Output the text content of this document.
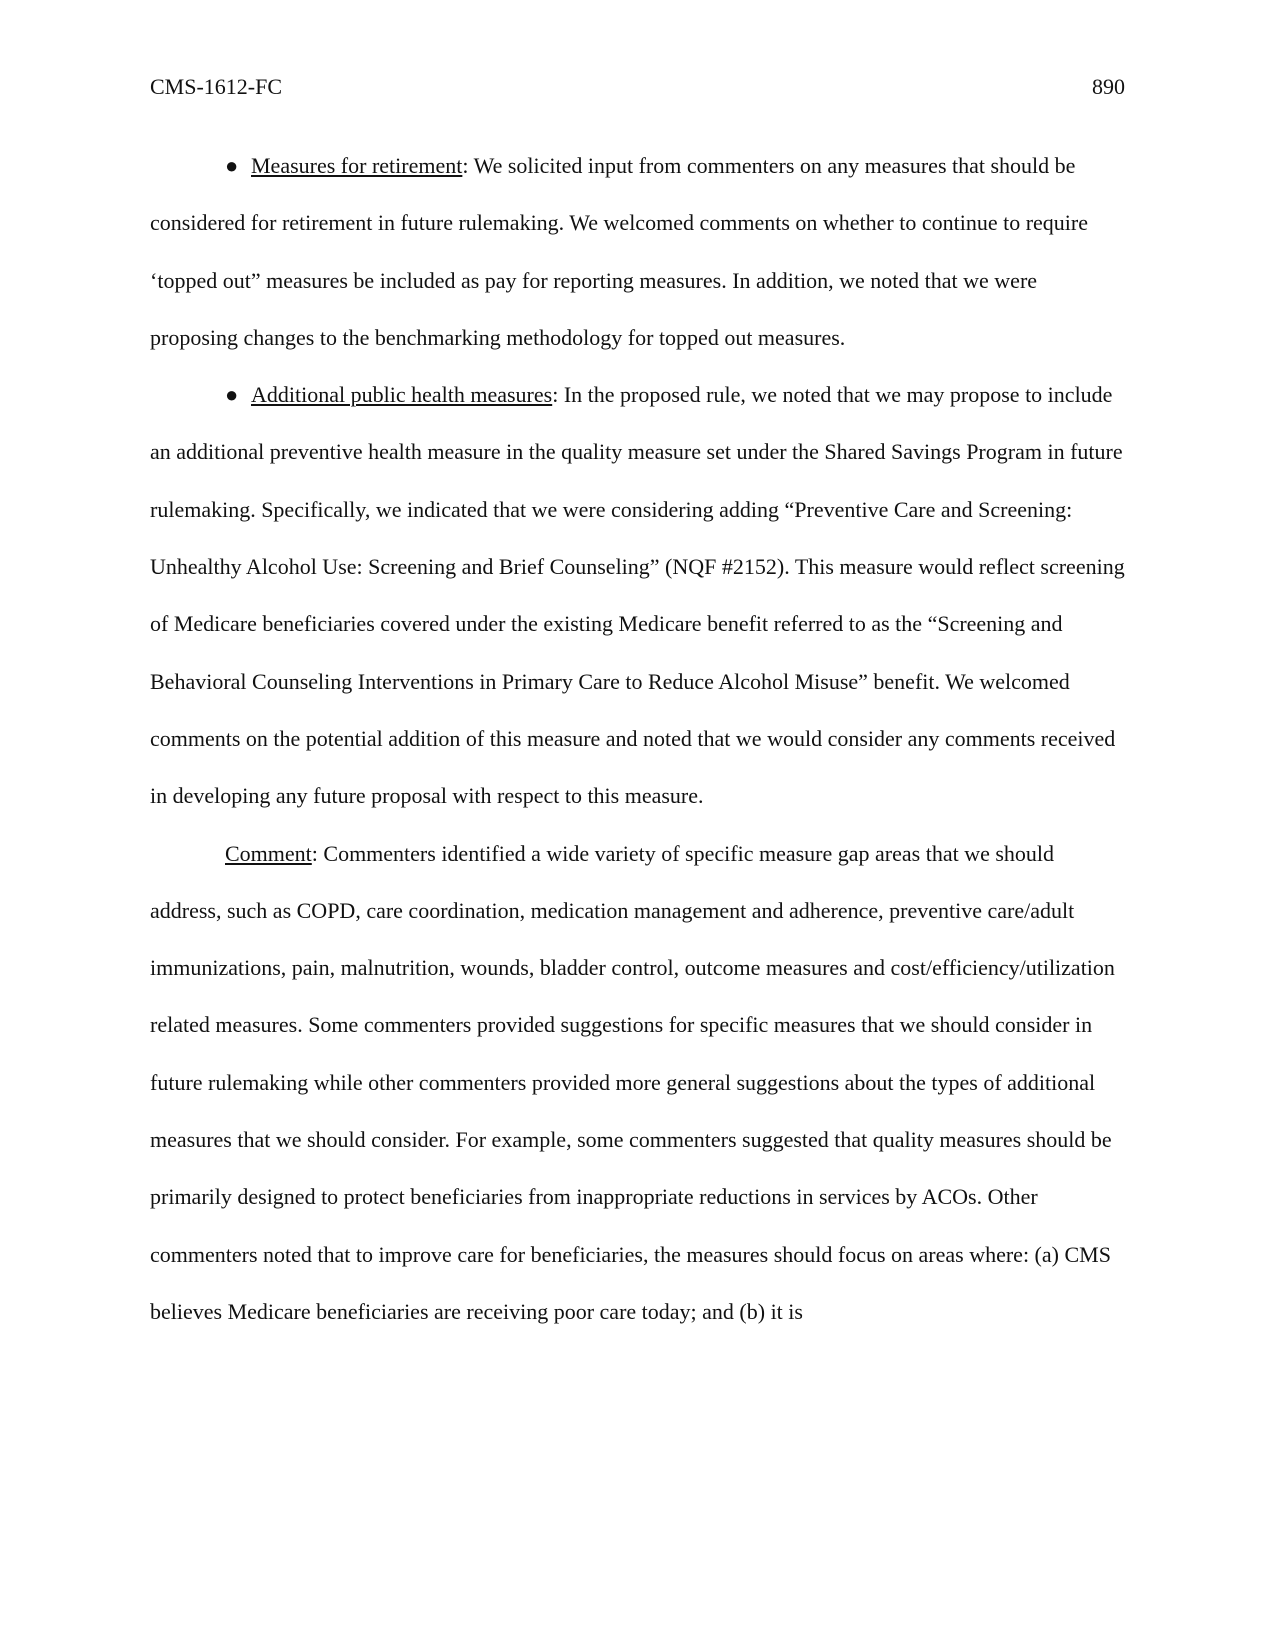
CMS-1612-FC	890

● Measures for retirement: We solicited input from commenters on any measures that should be considered for retirement in future rulemaking. We welcomed comments on whether to continue to require ‘topped out” measures be included as pay for reporting measures. In addition, we noted that we were proposing changes to the benchmarking methodology for topped out measures.

● Additional public health measures: In the proposed rule, we noted that we may propose to include an additional preventive health measure in the quality measure set under the Shared Savings Program in future rulemaking. Specifically, we indicated that we were considering adding “Preventive Care and Screening: Unhealthy Alcohol Use: Screening and Brief Counseling” (NQF #2152). This measure would reflect screening of Medicare beneficiaries covered under the existing Medicare benefit referred to as the “Screening and Behavioral Counseling Interventions in Primary Care to Reduce Alcohol Misuse” benefit. We welcomed comments on the potential addition of this measure and noted that we would consider any comments received in developing any future proposal with respect to this measure.

Comment: Commenters identified a wide variety of specific measure gap areas that we should address, such as COPD, care coordination, medication management and adherence, preventive care/adult immunizations, pain, malnutrition, wounds, bladder control, outcome measures and cost/efficiency/utilization related measures. Some commenters provided suggestions for specific measures that we should consider in future rulemaking while other commenters provided more general suggestions about the types of additional measures that we should consider. For example, some commenters suggested that quality measures should be primarily designed to protect beneficiaries from inappropriate reductions in services by ACOs. Other commenters noted that to improve care for beneficiaries, the measures should focus on areas where: (a) CMS believes Medicare beneficiaries are receiving poor care today; and (b) it is
